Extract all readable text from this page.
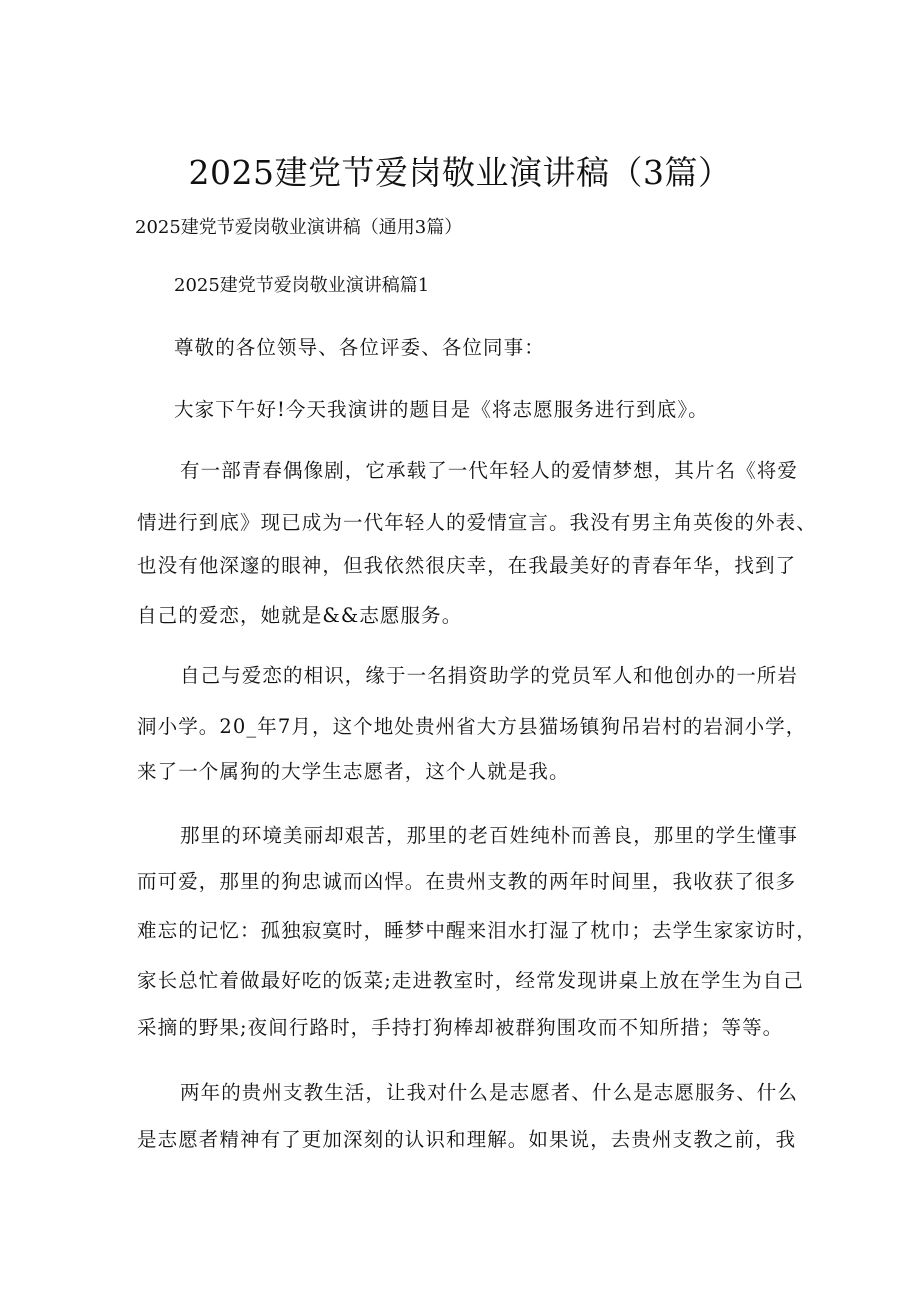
2025建党节爱岗敬业演讲稿（3篇）
2025建党节爱岗敬业演讲稿（通用3篇）
2025建党节爱岗敬业演讲稿篇1
尊敬的各位领导、各位评委、各位同事：
大家下午好!今天我演讲的题目是《将志愿服务进行到底》。
有一部青春偶像剧，它承载了一代年轻人的爱情梦想，其片名《将爱
情进行到底》现已成为一代年轻人的爱情宣言。我没有男主角英俊的外表、
也没有他深邃的眼神，但我依然很庆幸，在我最美好的青春年华，找到了
自己的爱恋，她就是&&志愿服务。
自己与爱恋的相识，缘于一名捐资助学的党员军人和他创办的一所岩
洞小学。20_年7月，这个地处贵州省大方县猫场镇狗吊岩村的岩洞小学，
来了一个属狗的大学生志愿者，这个人就是我。
那里的环境美丽却艰苦，那里的老百姓纯朴而善良，那里的学生懂事
而可爱，那里的狗忠诚而凶悍。在贵州支教的两年时间里，我收获了很多
难忘的记忆：孤独寂寞时，睡梦中醒来泪水打湿了枕巾；去学生家家访时，
家长总忙着做最好吃的饭菜;走进教室时，经常发现讲桌上放在学生为自己
采摘的野果;夜间行路时，手持打狗棒却被群狗围攻而不知所措；等等。
两年的贵州支教生活，让我对什么是志愿者、什么是志愿服务、什么
是志愿者精神有了更加深刻的认识和理解。如果说，去贵州支教之前，我
